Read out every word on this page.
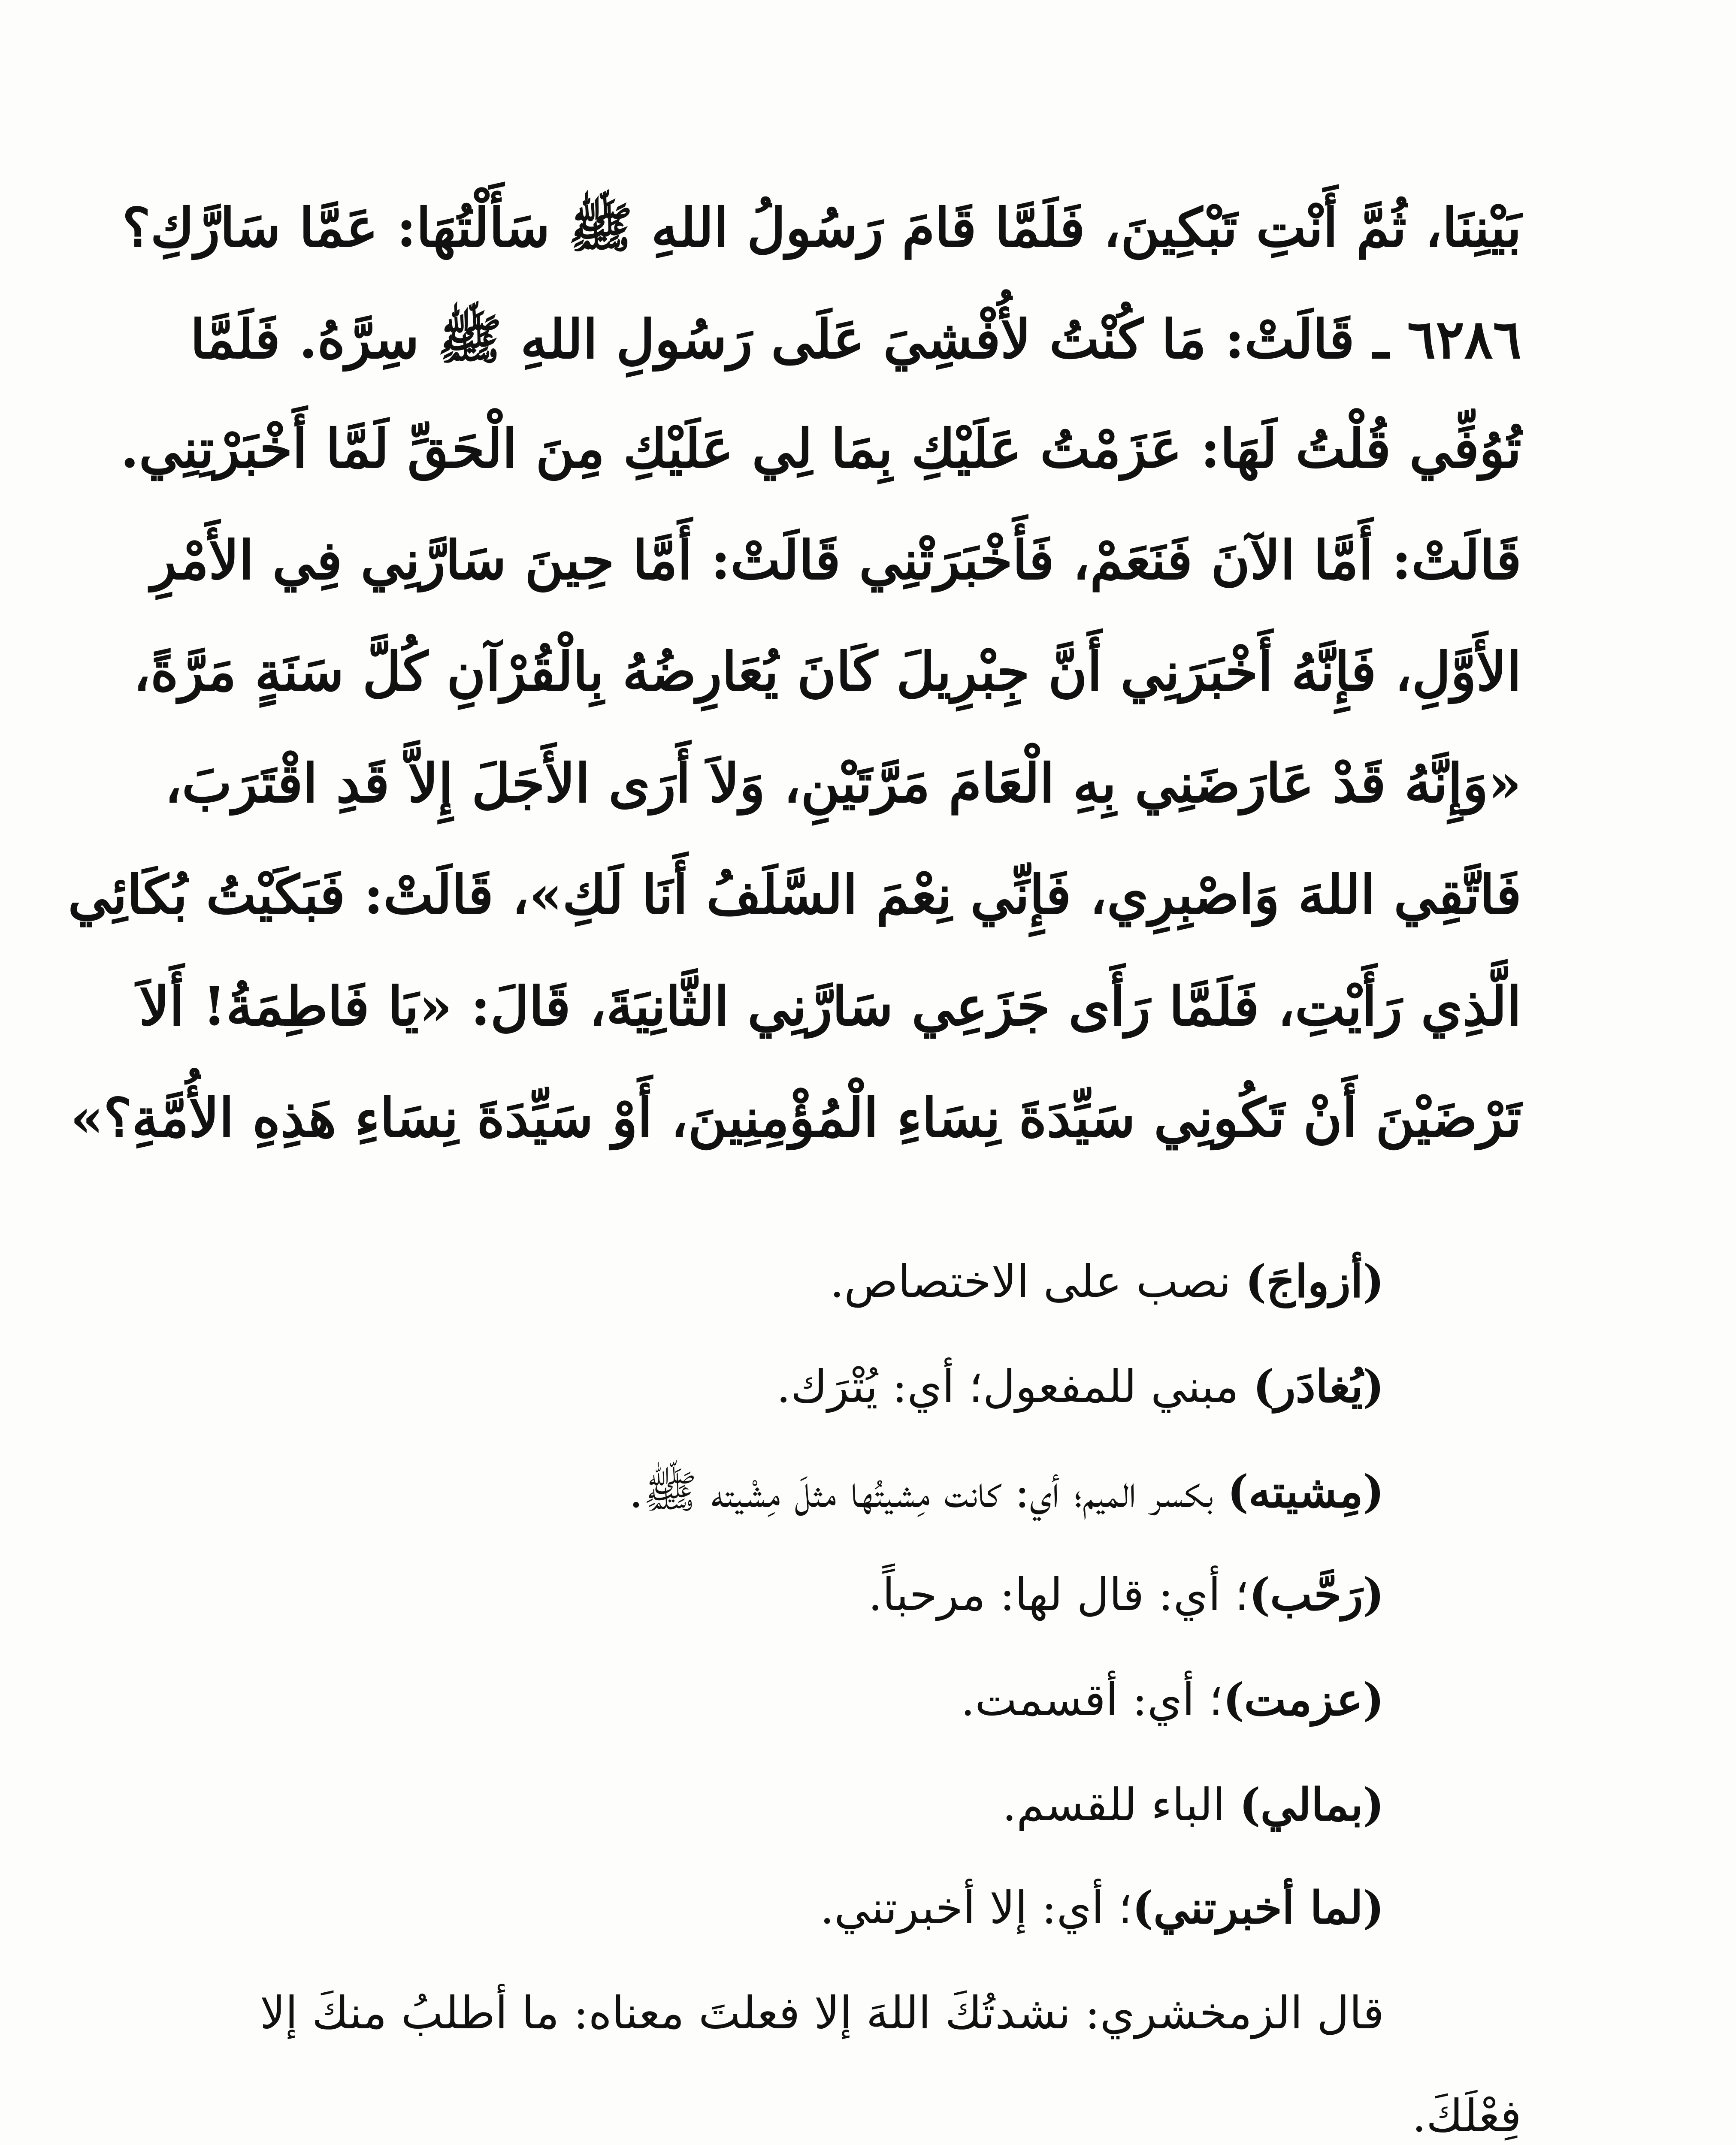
بَيْنِنَا، ثُمَّ أَنْتِ تَبْكِينَ، فَلَمَّا قَامَ رَسُولُ اللهِ ﷺ سَأَلْتُهَا: عَمَّا سَارَّكِ؟
٦٢٨٦ ـ قَالَتْ: مَا كُنْتُ لأُفْشِيَ عَلَى رَسُولِ اللهِ ﷺ سِرَّهُ. فَلَمَّا
تُوُفِّي قُلْتُ لَهَا: عَزَمْتُ عَلَيْكِ بِمَا لِي عَلَيْكِ مِنَ الْحَقِّ لَمَّا أَخْبَرْتِنِي.
قَالَتْ: أَمَّا الآنَ فَنَعَمْ، فَأَخْبَرَتْنِي قَالَتْ: أَمَّا حِينَ سَارَّنِي فِي الأَمْرِ
الأَوَّلِ، فَإِنَّهُ أَخْبَرَنِي أَنَّ جِبْرِيلَ كَانَ يُعَارِضُهُ بِالْقُرْآنِ كُلَّ سَنَةٍ مَرَّةً،
«وَإِنَّهُ قَدْ عَارَضَنِي بِهِ الْعَامَ مَرَّتَيْنِ، وَلاَ أَرَى الأَجَلَ إِلاَّ قَدِ اقْتَرَبَ،
فَاتَّقِي اللهَ وَاصْبِرِي، فَإِنِّي نِعْمَ السَّلَفُ أَنَا لَكِ»، قَالَتْ: فَبَكَيْتُ بُكَائِي
الَّذِي رَأَيْتِ، فَلَمَّا رَأَى جَزَعِي سَارَّنِي الثَّانِيَةَ، قَالَ: «يَا فَاطِمَةُ! أَلاَ
تَرْضَيْنَ أَنْ تَكُونِي سَيِّدَةَ نِسَاءِ الْمُؤْمِنِينَ، أَوْ سَيِّدَةَ نِسَاءِ هَذِهِ الأُمَّةِ؟»
(أزواجَ) نصب على الاختصاص.
(يُغادَر) مبني للمفعول؛ أي: يُتْرَك.
(مِشيته) بكسر الميم؛ أي: كانت مِشيتُها مثلَ مِشْيته ﷺ.
(رَحَّب)؛ أي: قال لها: مرحباً.
(عزمت)؛ أي: أقسمت.
(بمالي) الباء للقسم.
(لما أخبرتني)؛ أي: إلا أخبرتني.
قال الزمخشري: نشدتُكَ اللهَ إلا فعلتَ معناه: ما أطلبُ منكَ إلا
فِعْلَكَ.
